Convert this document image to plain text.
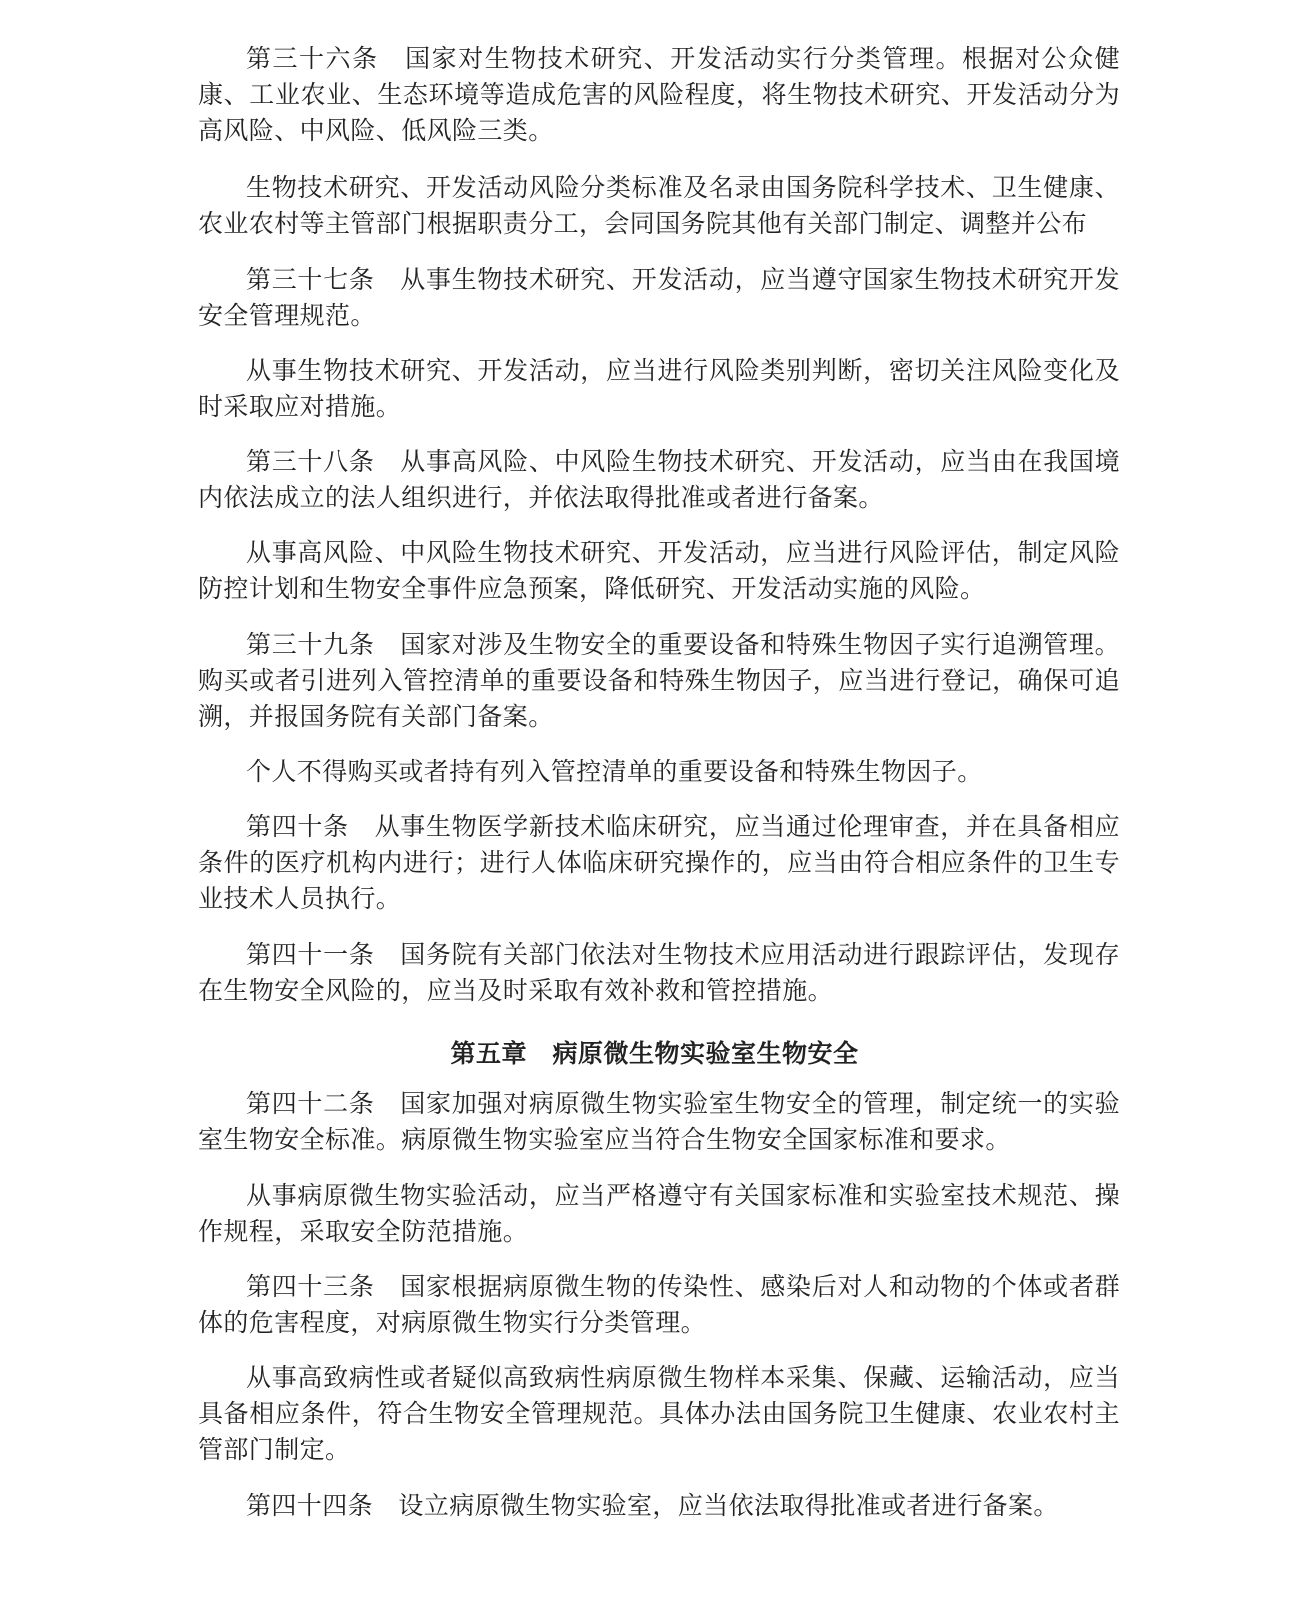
第三十六条　国家对生物技术研究、开发活动实行分类管理。根据对公众健康、工业农业、生态环境等造成危害的风险程度，将生物技术研究、开发活动分为高风险、中风险、低风险三类。

生物技术研究、开发活动风险分类标准及名录由国务院科学技术、卫生健康、农业农村等主管部门根据职责分工，会同国务院其他有关部门制定、调整并公布

第三十七条　从事生物技术研究、开发活动，应当遵守国家生物技术研究开发安全管理规范。

从事生物技术研究、开发活动，应当进行风险类别判断，密切关注风险变化及时采取应对措施。

第三十八条　从事高风险、中风险生物技术研究、开发活动，应当由在我国境内依法成立的法人组织进行，并依法取得批准或者进行备案。

从事高风险、中风险生物技术研究、开发活动，应当进行风险评估，制定风险防控计划和生物安全事件应急预案，降低研究、开发活动实施的风险。

第三十九条　国家对涉及生物安全的重要设备和特殊生物因子实行追溯管理。购买或者引进列入管控清单的重要设备和特殊生物因子，应当进行登记，确保可追溯，并报国务院有关部门备案。

个人不得购买或者持有列入管控清单的重要设备和特殊生物因子。

第四十条　从事生物医学新技术临床研究，应当通过伦理审查，并在具备相应条件的医疗机构内进行；进行人体临床研究操作的，应当由符合相应条件的卫生专业技术人员执行。

第四十一条　国务院有关部门依法对生物技术应用活动进行跟踪评估，发现存在生物安全风险的，应当及时采取有效补救和管控措施。

第五章　病原微生物实验室生物安全

第四十二条　国家加强对病原微生物实验室生物安全的管理，制定统一的实验室生物安全标准。病原微生物实验室应当符合生物安全国家标准和要求。

从事病原微生物实验活动，应当严格遵守有关国家标准和实验室技术规范、操作规程，采取安全防范措施。

第四十三条　国家根据病原微生物的传染性、感染后对人和动物的个体或者群体的危害程度，对病原微生物实行分类管理。

从事高致病性或者疑似高致病性病原微生物样本采集、保藏、运输活动，应当具备相应条件，符合生物安全管理规范。具体办法由国务院卫生健康、农业农村主管部门制定。

第四十四条　设立病原微生物实验室，应当依法取得批准或者进行备案。
